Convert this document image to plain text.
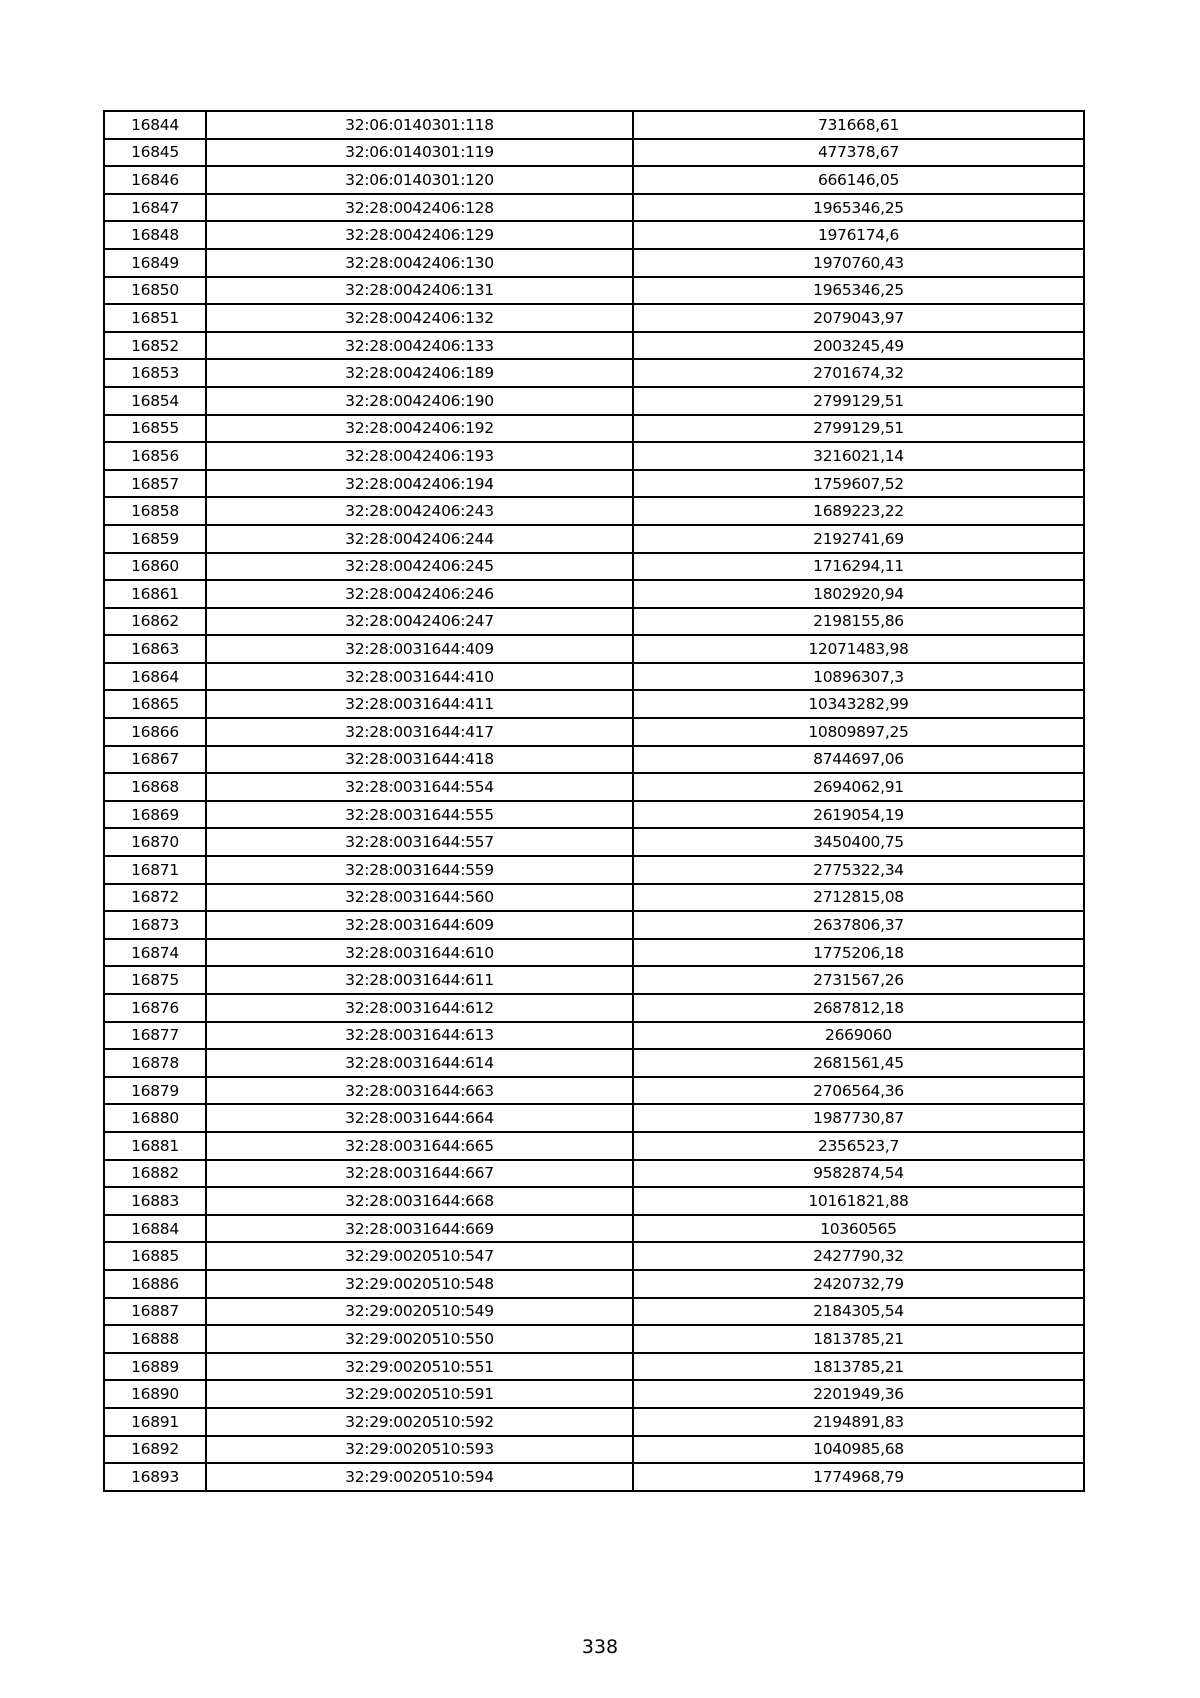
16844	32:06:0140301:118	731668,61
16845	32:06:0140301:119	477378,67
16846	32:06:0140301:120	666146,05
16847	32:28:0042406:128	1965346,25
16848	32:28:0042406:129	1976174,6
16849	32:28:0042406:130	1970760,43
16850	32:28:0042406:131	1965346,25
16851	32:28:0042406:132	2079043,97
16852	32:28:0042406:133	2003245,49
16853	32:28:0042406:189	2701674,32
16854	32:28:0042406:190	2799129,51
16855	32:28:0042406:192	2799129,51
16856	32:28:0042406:193	3216021,14
16857	32:28:0042406:194	1759607,52
16858	32:28:0042406:243	1689223,22
16859	32:28:0042406:244	2192741,69
16860	32:28:0042406:245	1716294,11
16861	32:28:0042406:246	1802920,94
16862	32:28:0042406:247	2198155,86
16863	32:28:0031644:409	12071483,98
16864	32:28:0031644:410	10896307,3
16865	32:28:0031644:411	10343282,99
16866	32:28:0031644:417	10809897,25
16867	32:28:0031644:418	8744697,06
16868	32:28:0031644:554	2694062,91
16869	32:28:0031644:555	2619054,19
16870	32:28:0031644:557	3450400,75
16871	32:28:0031644:559	2775322,34
16872	32:28:0031644:560	2712815,08
16873	32:28:0031644:609	2637806,37
16874	32:28:0031644:610	1775206,18
16875	32:28:0031644:611	2731567,26
16876	32:28:0031644:612	2687812,18
16877	32:28:0031644:613	2669060
16878	32:28:0031644:614	2681561,45
16879	32:28:0031644:663	2706564,36
16880	32:28:0031644:664	1987730,87
16881	32:28:0031644:665	2356523,7
16882	32:28:0031644:667	9582874,54
16883	32:28:0031644:668	10161821,88
16884	32:28:0031644:669	10360565
16885	32:29:0020510:547	2427790,32
16886	32:29:0020510:548	2420732,79
16887	32:29:0020510:549	2184305,54
16888	32:29:0020510:550	1813785,21
16889	32:29:0020510:551	1813785,21
16890	32:29:0020510:591	2201949,36
16891	32:29:0020510:592	2194891,83
16892	32:29:0020510:593	1040985,68
16893	32:29:0020510:594	1774968,79
338
